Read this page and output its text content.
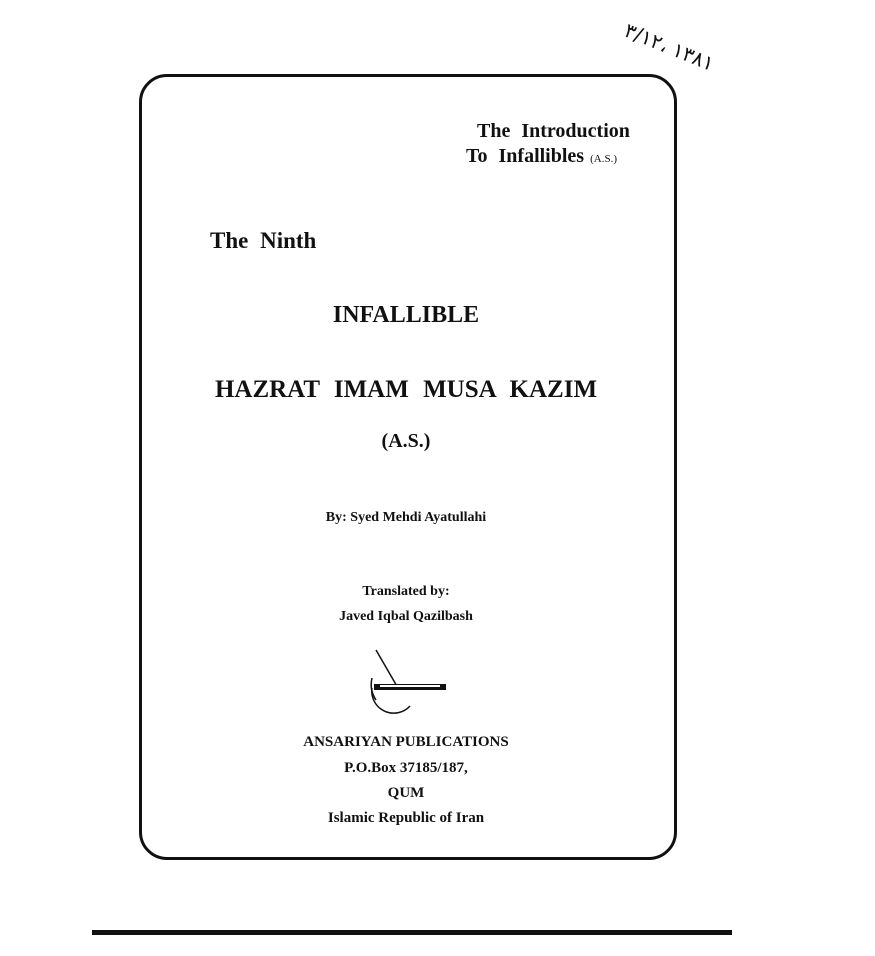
۳/۱۲، ۱۳۸۱
The Introduction
To Infallibles (A.S.)
The Ninth
INFALLIBLE
HAZRAT IMAM MUSA KAZIM
(A.S.)
By: Syed Mehdi Ayatullahi
Translated by:
Javed Iqbal Qazilbash
ANSARIYAN PUBLICATIONS
P.O.Box 37185/187,
QUM
Islamic Republic of Iran
